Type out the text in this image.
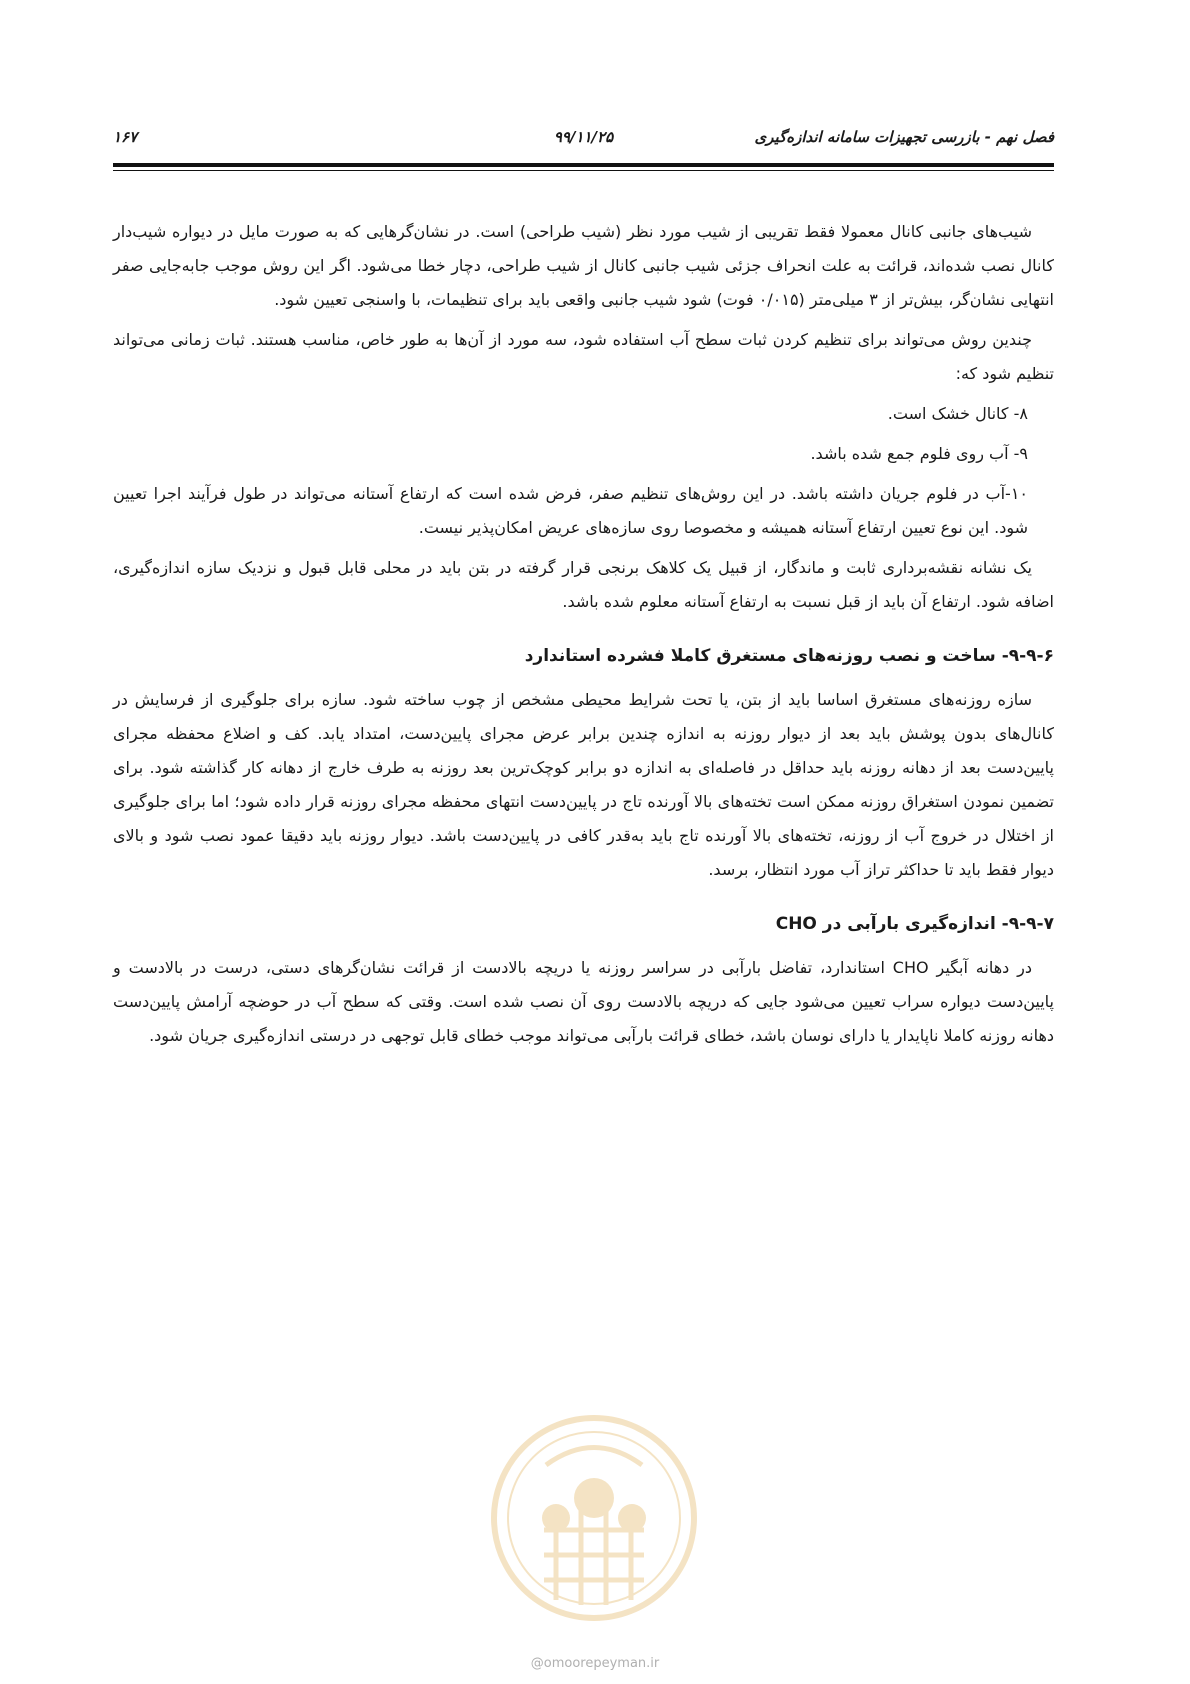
فصل نهم - بازرسی تجهیزات سامانه اندازه‌گیری
۹۹/۱۱/۲۵
۱۶۷

شیب‌های جانبی کانال معمولا فقط تقریبی از شیب مورد نظر (شیب طراحی) است. در نشان‌گرهایی که به صورت مایل در دیواره شیب‌دار کانال نصب شده‌اند، قرائت به علت انحراف جزئی شیب جانبی کانال از شیب طراحی، دچار خطا می‌شود. اگر این روش موجب جابه‌جایی صفر انتهایی نشان‌گر، بیش‌تر از ۳ میلی‌متر (۰/۰۱۵ فوت) شود شیب جانبی واقعی باید برای تنظیمات، با واسنجی تعیین شود.

چندین روش می‌تواند برای تنظیم کردن ثبات سطح آب استفاده شود، سه مورد از آن‌ها به طور خاص، مناسب هستند. ثبات زمانی می‌تواند تنظیم شود که:

۸- کانال خشک است.

۹- آب روی فلوم جمع شده باشد.

۱۰-آب در فلوم جریان داشته باشد. در این روش‌های تنظیم صفر، فرض شده است که ارتفاع آستانه می‌تواند در طول فرآیند اجرا تعیین شود. این نوع تعیین ارتفاع آستانه همیشه و مخصوصا روی سازه‌های عریض امکان‌پذیر نیست.

یک نشانه نقشه‌برداری ثابت و ماندگار، از قبیل یک کلاهک برنجی قرار گرفته در بتن باید در محلی قابل قبول و نزدیک سازه اندازه‌گیری، اضافه شود. ارتفاع آن باید از قبل نسبت به ارتفاع آستانه معلوم شده باشد.

۹-۹-۶- ساخت و نصب روزنه‌های مستغرق کاملا فشرده استاندارد

سازه روزنه‌های مستغرق اساسا باید از بتن، یا تحت شرایط محیطی مشخص از چوب ساخته شود. سازه برای جلوگیری از فرسایش در کانال‌های بدون پوشش باید بعد از دیوار روزنه به اندازه چندین برابر عرض مجرای پایین‌دست، امتداد یابد. کف و اضلاع محفظه مجرای پایین‌دست بعد از دهانه روزنه باید حداقل در فاصله‌ای به اندازه دو برابر کوچک‌ترین بعد روزنه به طرف خارج از دهانه کار گذاشته شود. برای تضمین نمودن استغراق روزنه ممکن است تخته‌های بالا آورنده تاج در پایین‌دست انتهای محفظه مجرای روزنه قرار داده شود؛ اما برای جلوگیری از اختلال در خروج آب از روزنه، تخته‌های بالا آورنده تاج باید به‌قدر کافی در پایین‌دست باشد. دیوار روزنه باید دقیقا عمود نصب شود و بالای دیوار فقط باید تا حداکثر تراز آب مورد انتظار، برسد.

۹-۹-۷- اندازه‌گیری بارآبی در CHO

در دهانه آبگیر CHO استاندارد، تفاضل بارآبی در سراسر روزنه یا دریچه بالادست از قرائت نشان‌گرهای دستی، درست در بالادست و پایین‌دست دیواره سراب تعیین می‌شود جایی که دریچه بالادست روی آن نصب شده است. وقتی که سطح آب در حوضچه آرامش پایین‌دست دهانه روزنه کاملا ناپایدار یا دارای نوسان باشد، خطای قرائت بارآبی می‌تواند موجب خطای قابل توجهی در درستی اندازه‌گیری جریان شود.

@omoorepeyman.ir
